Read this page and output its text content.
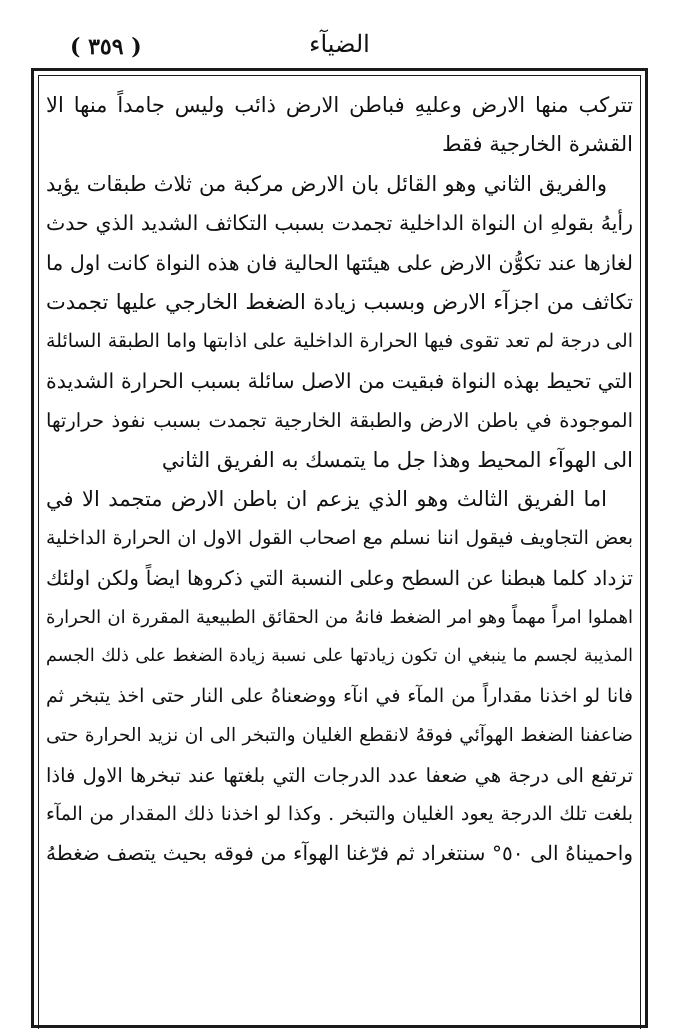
( ٣٥٩ )	الضيآء
تتركب منها الارض وعليهِ فباطن الارض ذائب وليس جامداً منها الا
القشرة الخارجية فقط
والفريق الثاني وهو القائل بان الارض مركبة من ثلاث طبقات يؤيد
رأيهُ بقولهِ ان النواة الداخلية تجمدت بسبب التكاثف الشديد الذي حدث
لغازها عند تكوُّن الارض على هيئتها الحالية فان هذه النواة كانت اول ما
تكاثف من اجزآء الارض وبسبب زيادة الضغط الخارجي عليها تجمدت
الى درجة لم تعد تقوى فيها الحرارة الداخلية على اذابتها واما الطبقة السائلة
التي تحيط بهذه النواة فبقيت من الاصل سائلة بسبب الحرارة الشديدة
الموجودة في باطن الارض والطبقة الخارجية تجمدت بسبب نفوذ حرارتها
الى الهوآء المحيط وهذا جل ما يتمسك به الفريق الثاني
اما الفريق الثالث وهو الذي يزعم ان باطن الارض متجمد الا في
بعض التجاويف فيقول اننا نسلم مع اصحاب القول الاول ان الحرارة الداخلية
تزداد كلما هبطنا عن السطح وعلى النسبة التي ذكروها ايضاً ولكن اولئك
اهملوا امراً مهماً وهو امر الضغط فانهُ من الحقائق الطبيعية المقررة ان الحرارة
المذيبة لجسم ما ينبغي ان تكون زيادتها على نسبة زيادة الضغط على ذلك الجسم
فانا لو اخذنا مقداراً من المآء في انآء ووضعناهُ على النار حتى اخذ يتبخر ثم
ضاعفنا الضغط الهوآئي فوقهُ لانقطع الغليان والتبخر الى ان نزيد الحرارة حتى
ترتفع الى درجة هي ضعفا عدد الدرجات التي بلغتها عند تبخرها الاول فاذا
بلغت تلك الدرجة يعود الغليان والتبخر . وكذا لو اخذنا ذلك المقدار من المآء
واحميناهُ الى ٥٠° سنتغراد ثم فرّغنا الهوآء من فوقه بحيث يتصف ضغطهُ
